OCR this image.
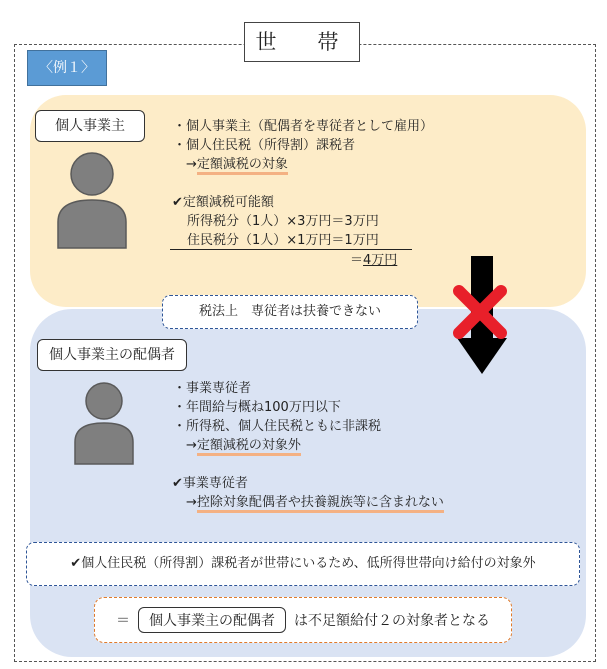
世　帯
〈例１〉
個人事業主	・個人事業主（配偶者を専従者として雇用）
・個人住民税（所得割）課税者
→定額減税の対象
✔定額減税可能額
所得税分（1人）×3万円＝3万円
住民税分（1人）×1万円＝1万円
＝4万円
税法上　専従者は扶養できない
個人事業主の配偶者
・事業専従者
・年間給与概ね100万円以下
・所得税、個人住民税ともに非課税
→定額減税の対象外
✔事業専従者
→控除対象配偶者や扶養親族等に含まれない
✔個人住民税（所得割）課税者が世帯にいるため、低所得世帯向け給付の対象外
＝	個人事業主の配偶者	は不足額給付２の対象者となる
